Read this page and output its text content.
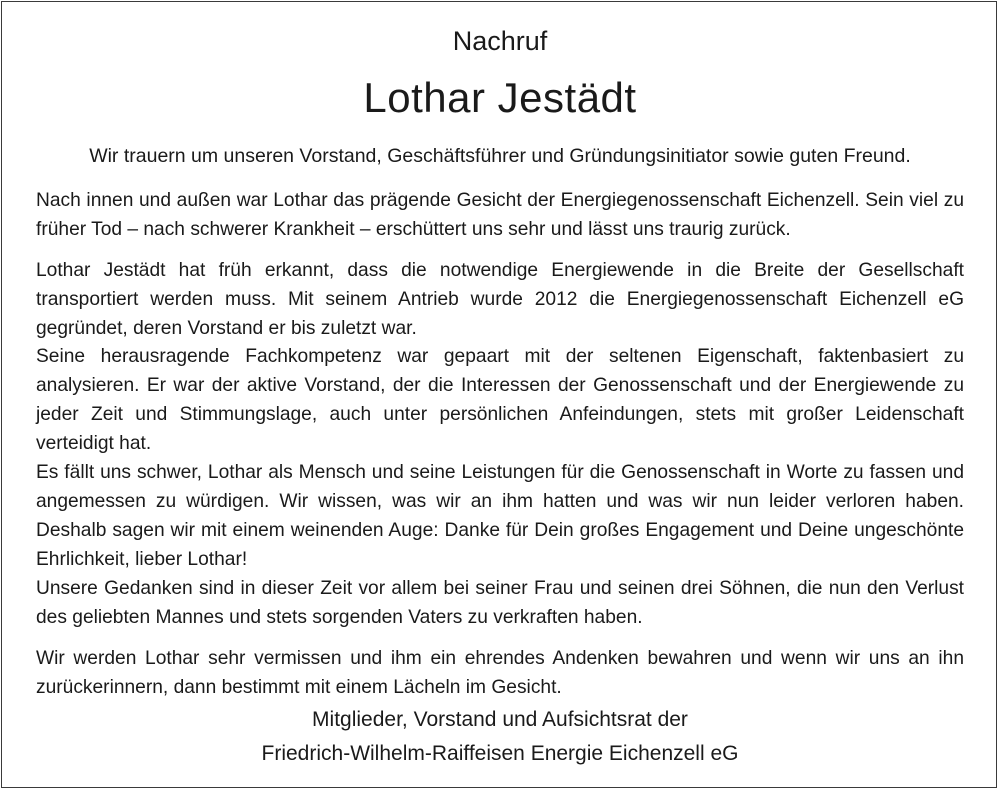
Nachruf
Lothar Jestädt
Wir trauern um unseren Vorstand, Geschäftsführer und Gründungsinitiator sowie guten Freund.

Nach innen und außen war Lothar das prägende Gesicht der Energiegenossenschaft Eichenzell. Sein viel zu früher Tod – nach schwerer Krankheit – erschüttert uns sehr und lässt uns traurig zurück.

Lothar Jestädt hat früh erkannt, dass die notwendige Energiewende in die Breite der Gesellschaft transportiert werden muss. Mit seinem Antrieb wurde 2012 die Energiegenossenschaft Eichenzell eG gegründet, deren Vorstand er bis zuletzt war.

Seine herausragende Fachkompetenz war gepaart mit der seltenen Eigenschaft, faktenbasiert zu analysieren. Er war der aktive Vorstand, der die Interessen der Genossenschaft und der Energiewende zu jeder Zeit und Stimmungslage, auch unter persönlichen Anfeindungen, stets mit großer Leidenschaft verteidigt hat.

Es fällt uns schwer, Lothar als Mensch und seine Leistungen für die Genossenschaft in Worte zu fassen und angemessen zu würdigen. Wir wissen, was wir an ihm hatten und was wir nun leider verloren haben. Deshalb sagen wir mit einem weinenden Auge: Danke für Dein großes Engagement und Deine ungeschönte Ehrlichkeit, lieber Lothar!

Unsere Gedanken sind in dieser Zeit vor allem bei seiner Frau und seinen drei Söhnen, die nun den Verlust des geliebten Mannes und stets sorgenden Vaters zu verkraften haben.

Wir werden Lothar sehr vermissen und ihm ein ehrendes Andenken bewahren und wenn wir uns an ihn zurückerinnern, dann bestimmt mit einem Lächeln im Gesicht.

Mitglieder, Vorstand und Aufsichtsrat der
Friedrich-Wilhelm-Raiffeisen Energie Eichenzell eG
